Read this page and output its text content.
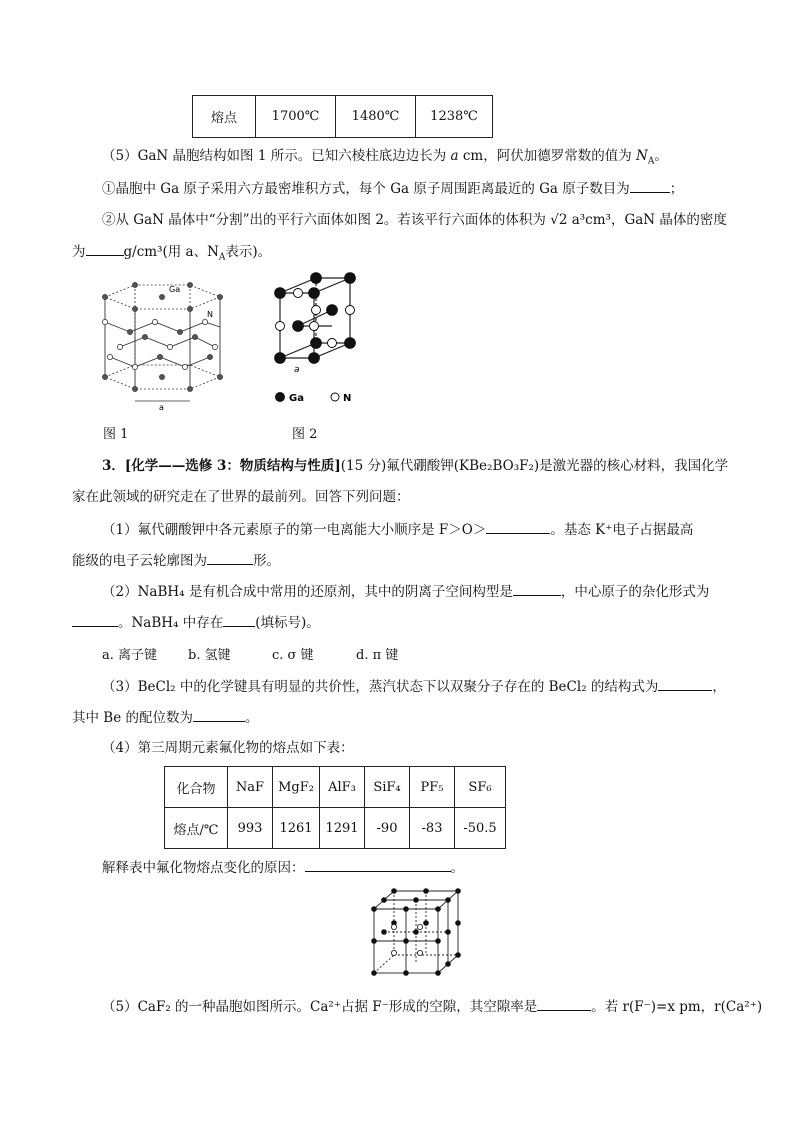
熔点	1700℃	1480℃	1238℃
（5）GaN 晶胞结构如图 1 所示。已知六棱柱底边边长为 a cm，阿伏加德罗常数的值为 $N_A$。
①晶胞中 Ga 原子采用六方最密堆积方式，每个 Ga 原子周围距离最近的 Ga 原子数目为	；
②从 GaN 晶体中“分割”出的平行六面体如图 2。若该平行六面体的体积为 √2 a³cm³，GaN 晶体的密度
为	g/cm³(用 a、$N_A$表示)。
Ga
N
a
a
Ga	N
图 1	图 2
3．[化学——选修 3：物质结构与性质](15 分)氟代硼酸钾(KBe₂BO₃F₂)是激光器的核心材料，我国化学
家在此领域的研究走在了世界的最前列。回答下列问题：
（1）氟代硼酸钾中各元素原子的第一电离能大小顺序是 F＞O＞	。基态 K⁺电子占据最高
能级的电子云轮廓图为	形。
（2）NaBH₄ 是有机合成中常用的还原剂，其中的阴离子空间构型是	，中心原子的杂化形式为
。NaBH₄ 中存在 (填标号)。
a. 离子键 b. 氢键	c. σ 键	d. π 键
（3）BeCl₂ 中的化学键具有明显的共价性，蒸汽状态下以双聚分子存在的 BeCl₂ 的结构式为	，
其中 Be 的配位数为	。
（4）第三周期元素氟化物的熔点如下表：
化合物	NaF	MgF₂	AlF₃	SiF₄	PF₅	SF₆
熔点/℃	993	1261	1291	-90	-83	-50.5
解释表中氟化物熔点变化的原因：	。
（5）CaF₂ 的一种晶胞如图所示。Ca²⁺占据 F⁻形成的空隙，其空隙率是	。若 r(F⁻)=x pm，r(Ca²⁺)
